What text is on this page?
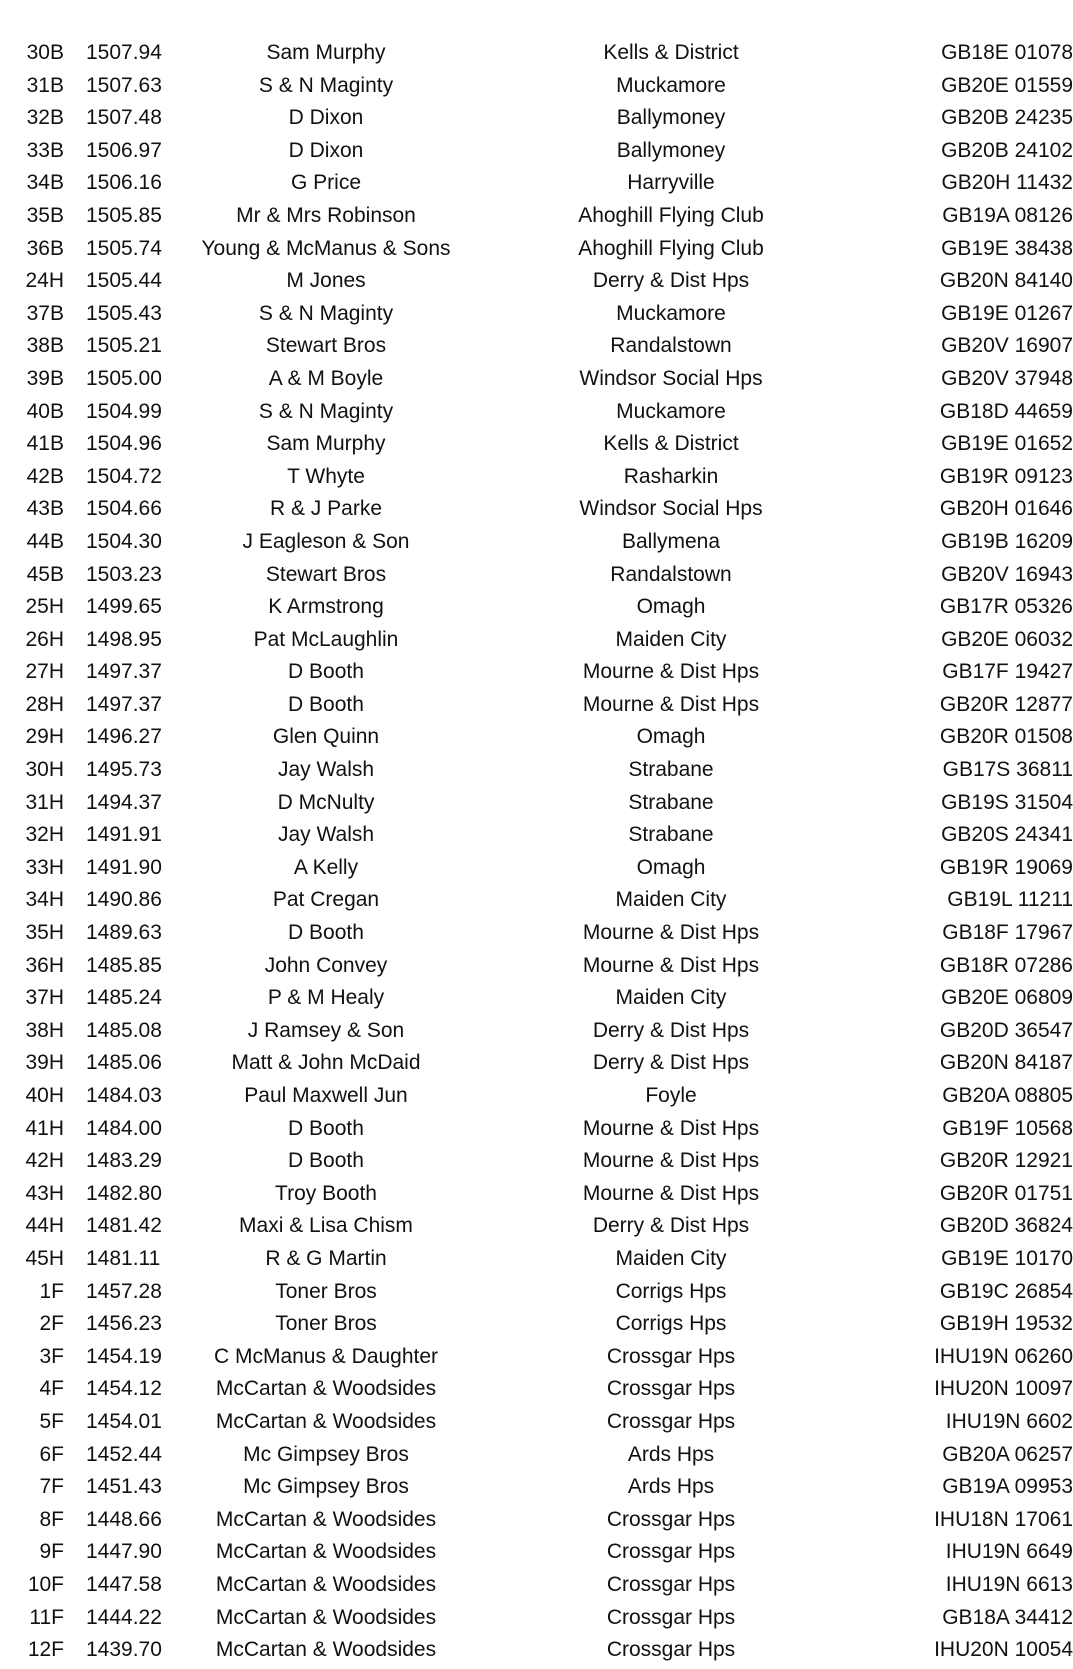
30B	1507.94	Sam Murphy	Kells & District	GB18E 01078
31B	1507.63	S & N Maginty	Muckamore	GB20E 01559
32B	1507.48	D Dixon	Ballymoney	GB20B 24235
33B	1506.97	D Dixon	Ballymoney	GB20B 24102
34B	1506.16	G Price	Harryville	GB20H 11432
35B	1505.85	Mr & Mrs Robinson	Ahoghill Flying Club	GB19A 08126
36B	1505.74	Young & McManus & Sons	Ahoghill Flying Club	GB19E 38438
24H	1505.44	M Jones	Derry & Dist Hps	GB20N 84140
37B	1505.43	S & N Maginty	Muckamore	GB19E 01267
38B	1505.21	Stewart Bros	Randalstown	GB20V 16907
39B	1505.00	A & M Boyle	Windsor Social Hps	GB20V 37948
40B	1504.99	S & N Maginty	Muckamore	GB18D 44659
41B	1504.96	Sam Murphy	Kells & District	GB19E 01652
42B	1504.72	T Whyte	Rasharkin	GB19R 09123
43B	1504.66	R & J Parke	Windsor Social Hps	GB20H 01646
44B	1504.30	J Eagleson & Son	Ballymena	GB19B 16209
45B	1503.23	Stewart Bros	Randalstown	GB20V 16943
25H	1499.65	K Armstrong	Omagh	GB17R 05326
26H	1498.95	Pat McLaughlin	Maiden City	GB20E 06032
27H	1497.37	D Booth	Mourne & Dist Hps	GB17F 19427
28H	1497.37	D Booth	Mourne & Dist Hps	GB20R 12877
29H	1496.27	Glen Quinn	Omagh	GB20R 01508
30H	1495.73	Jay Walsh	Strabane	GB17S 36811
31H	1494.37	D McNulty	Strabane	GB19S 31504
32H	1491.91	Jay Walsh	Strabane	GB20S 24341
33H	1491.90	A Kelly	Omagh	GB19R 19069
34H	1490.86	Pat Cregan	Maiden City	GB19L 11211
35H	1489.63	D Booth	Mourne & Dist Hps	GB18F 17967
36H	1485.85	John Convey	Mourne & Dist Hps	GB18R 07286
37H	1485.24	P & M Healy	Maiden City	GB20E 06809
38H	1485.08	J Ramsey & Son	Derry & Dist Hps	GB20D 36547
39H	1485.06	Matt & John McDaid	Derry & Dist Hps	GB20N 84187
40H	1484.03	Paul Maxwell Jun	Foyle	GB20A 08805
41H	1484.00	D Booth	Mourne & Dist Hps	GB19F 10568
42H	1483.29	D Booth	Mourne & Dist Hps	GB20R 12921
43H	1482.80	Troy Booth	Mourne & Dist Hps	GB20R 01751
44H	1481.42	Maxi & Lisa Chism	Derry & Dist Hps	GB20D 36824
45H	1481.11	R & G Martin	Maiden City	GB19E 10170
1F	1457.28	Toner Bros	Corrigs Hps	GB19C 26854
2F	1456.23	Toner Bros	Corrigs Hps	GB19H 19532
3F	1454.19	C McManus & Daughter	Crossgar Hps	IHU19N 06260
4F	1454.12	McCartan & Woodsides	Crossgar Hps	IHU20N 10097
5F	1454.01	McCartan & Woodsides	Crossgar Hps	IHU19N 6602
6F	1452.44	Mc Gimpsey Bros	Ards Hps	GB20A 06257
7F	1451.43	Mc Gimpsey Bros	Ards Hps	GB19A 09953
8F	1448.66	McCartan & Woodsides	Crossgar Hps	IHU18N 17061
9F	1447.90	McCartan & Woodsides	Crossgar Hps	IHU19N 6649
10F	1447.58	McCartan & Woodsides	Crossgar Hps	IHU19N 6613
11F	1444.22	McCartan & Woodsides	Crossgar Hps	GB18A 34412
12F	1439.70	McCartan & Woodsides	Crossgar Hps	IHU20N 10054
